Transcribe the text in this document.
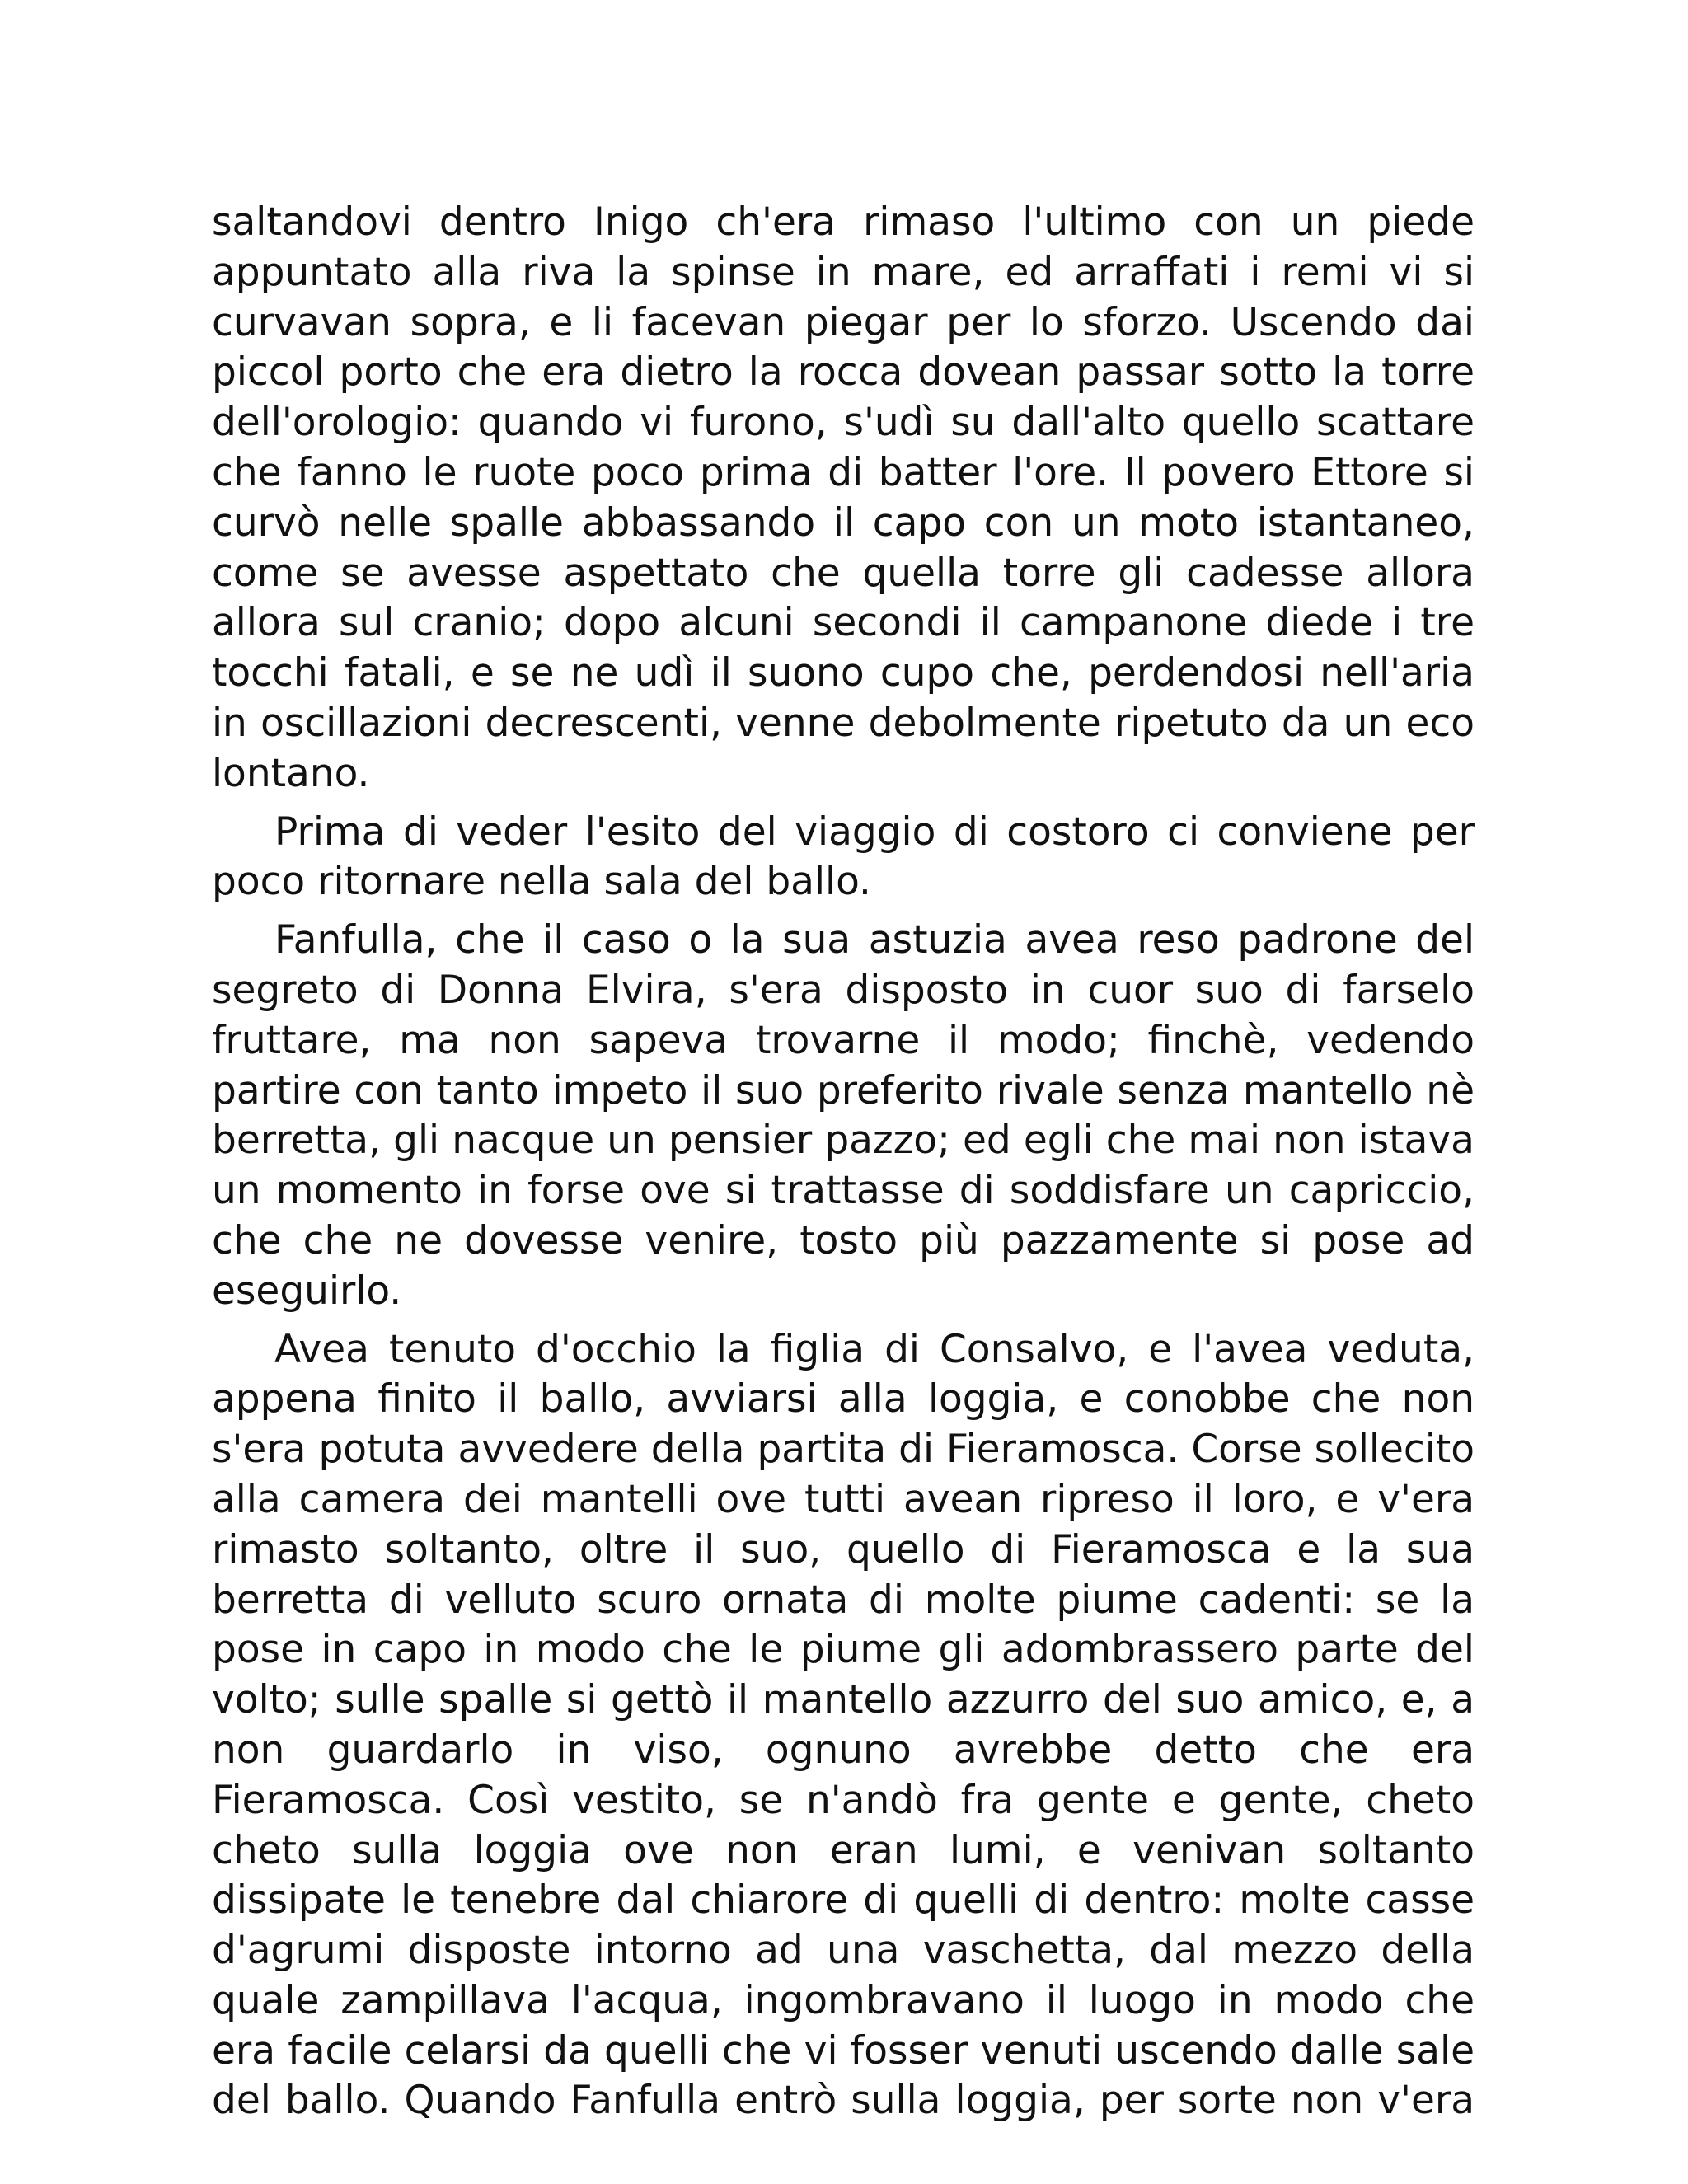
saltandovi dentro Inigo ch'era rimaso l'ultimo con un piede appuntato alla riva la spinse in mare, ed arraffati i remi vi si curvavan sopra, e li facevan piegar per lo sforzo. Uscendo dai piccol porto che era dietro la rocca dovean passar sotto la torre dell'orologio: quando vi furono, s'udì su dall'alto quello scattare che fanno le ruote poco prima di batter l'ore. Il povero Ettore si curvò nelle spalle abbassando il capo con un moto istantaneo, come se avesse aspettato che quella torre gli cadesse allora allora sul cranio; dopo alcuni secondi il campanone diede i tre tocchi fatali, e se ne udì il suono cupo che, perdendosi nell'aria in oscillazioni decrescenti, venne debolmente ripetuto da un eco lontano.

Prima di veder l'esito del viaggio di costoro ci conviene per poco ritornare nella sala del ballo.

Fanfulla, che il caso o la sua astuzia avea reso padrone del segreto di Donna Elvira, s'era disposto in cuor suo di farselo fruttare, ma non sapeva trovarne il modo; finchè, vedendo partire con tanto impeto il suo preferito rivale senza mantello nè berretta, gli nacque un pensier pazzo; ed egli che mai non istava un momento in forse ove si trattasse di soddisfare un capriccio, che che ne dovesse venire, tosto più pazzamente si pose ad eseguirlo.

Avea tenuto d'occhio la figlia di Consalvo, e l'avea veduta, appena finito il ballo, avviarsi alla loggia, e conobbe che non s'era potuta avvedere della partita di Fieramosca. Corse sollecito alla camera dei mantelli ove tutti avean ripreso il loro, e v'era rimasto soltanto, oltre il suo, quello di Fieramosca e la sua berretta di velluto scuro ornata di molte piume cadenti: se la pose in capo in modo che le piume gli adombrassero parte del volto; sulle spalle si gettò il mantello azzurro del suo amico, e, a non guardarlo in viso, ognuno avrebbe detto che era Fieramosca. Così vestito, se n'andò fra gente e gente, cheto cheto sulla loggia ove non eran lumi, e venivan soltanto dissipate le tenebre dal chiarore di quelli di dentro: molte casse d'agrumi disposte intorno ad una vaschetta, dal mezzo della quale zampillava l'acqua, ingombravano il luogo in modo che era facile celarsi da quelli che vi fosser venuti uscendo dalle sale del ballo. Quando Fanfulla entrò sulla loggia, per sorte non v'era
